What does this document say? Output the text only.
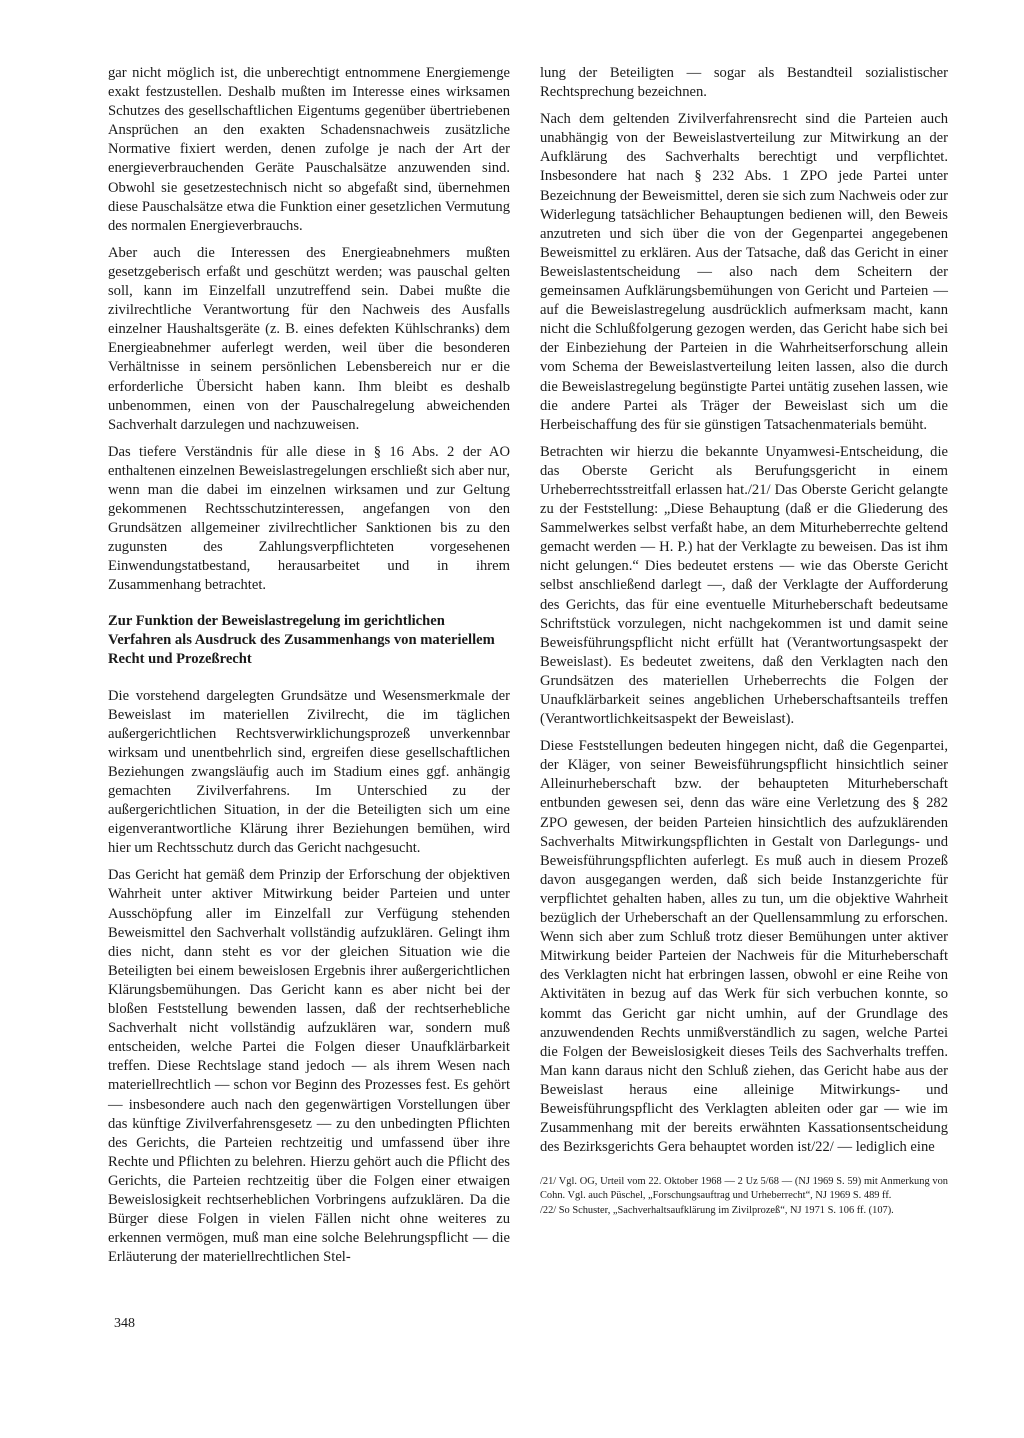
gar nicht möglich ist, die unberechtigt entnommene Energiemenge exakt festzustellen. Deshalb mußten im Interesse eines wirksamen Schutzes des gesellschaftlichen Eigentums gegenüber übertriebenen Ansprüchen an den exakten Schadensnachweis zusätzliche Normative fixiert werden, denen zufolge je nach der Art der energieverbrauchenden Geräte Pauschalsätze anzuwenden sind. Obwohl sie gesetzestechnisch nicht so abgefaßt sind, übernehmen diese Pauschalsätze etwa die Funktion einer gesetzlichen Vermutung des normalen Energieverbrauchs.

Aber auch die Interessen des Energieabnehmers mußten gesetzgeberisch erfaßt und geschützt werden; was pauschal gelten soll, kann im Einzelfall unzutreffend sein. Dabei mußte die zivilrechtliche Verantwortung für den Nachweis des Ausfalls einzelner Haushaltsgeräte (z. B. eines defekten Kühlschranks) dem Energieabnehmer auferlegt werden, weil über die besonderen Verhältnisse in seinem persönlichen Lebensbereich nur er die erforderliche Übersicht haben kann. Ihm bleibt es deshalb unbenommen, einen von der Pauschalregelung abweichenden Sachverhalt darzulegen und nachzuweisen.

Das tiefere Verständnis für alle diese in § 16 Abs. 2 der AO enthaltenen einzelnen Beweislastregelungen erschließt sich aber nur, wenn man die dabei im einzelnen wirksamen und zur Geltung gekommenen Rechtsschutzinteressen, angefangen von den Grundsätzen allgemeiner zivilrechtlicher Sanktionen bis zu den zugunsten des Zahlungsverpflichteten vorgesehenen Einwendungstatbestand, herausarbeitet und in ihrem Zusammenhang betrachtet.

Zur Funktion der Beweislastregelung im gerichtlichen Verfahren als Ausdruck des Zusammenhangs von materiellem Recht und Prozeßrecht

Die vorstehend dargelegten Grundsätze und Wesensmerkmale der Beweislast im materiellen Zivilrecht, die im täglichen außergerichtlichen Rechtsverwirklichungsprozeß unverkennbar wirksam und unentbehrlich sind, ergreifen diese gesellschaftlichen Beziehungen zwangsläufig auch im Stadium eines ggf. anhängig gemachten Zivilverfahrens. Im Unterschied zu der außergerichtlichen Situation, in der die Beteiligten sich um eine eigenverantwortliche Klärung ihrer Beziehungen bemühen, wird hier um Rechtsschutz durch das Gericht nachgesucht.

Das Gericht hat gemäß dem Prinzip der Erforschung der objektiven Wahrheit unter aktiver Mitwirkung beider Parteien und unter Ausschöpfung aller im Einzelfall zur Verfügung stehenden Beweismittel den Sachverhalt vollständig aufzuklären. Gelingt ihm dies nicht, dann steht es vor der gleichen Situation wie die Beteiligten bei einem beweislosen Ergebnis ihrer außergerichtlichen Klärungsbemühungen. Das Gericht kann es aber nicht bei der bloßen Feststellung bewenden lassen, daß der rechtserhebliche Sachverhalt nicht vollständig aufzuklären war, sondern muß entscheiden, welche Partei die Folgen dieser Unaufklärbarkeit treffen. Diese Rechtslage stand jedoch — als ihrem Wesen nach materiellrechtlich — schon vor Beginn des Prozesses fest. Es gehört — insbesondere auch nach den gegenwärtigen Vorstellungen über das künftige Zivilverfahrensgesetz — zu den unbedingten Pflichten des Gerichts, die Parteien rechtzeitig und umfassend über ihre Rechte und Pflichten zu belehren. Hierzu gehört auch die Pflicht des Gerichts, die Parteien rechtzeitig über die Folgen einer etwaigen Beweislosigkeit rechtserheblichen Vorbringens aufzuklären. Da die Bürger diese Folgen in vielen Fällen nicht ohne weiteres zu erkennen vermögen, muß man eine solche Belehrungspflicht — die Erläuterung der materiellrechtlichen Stel-

lung der Beteiligten — sogar als Bestandteil sozialistischer Rechtsprechung bezeichnen.

Nach dem geltenden Zivilverfahrensrecht sind die Parteien auch unabhängig von der Beweislastverteilung zur Mitwirkung an der Aufklärung des Sachverhalts berechtigt und verpflichtet. Insbesondere hat nach § 232 Abs. 1 ZPO jede Partei unter Bezeichnung der Beweismittel, deren sie sich zum Nachweis oder zur Widerlegung tatsächlicher Behauptungen bedienen will, den Beweis anzutreten und sich über die von der Gegenpartei angegebenen Beweismittel zu erklären. Aus der Tatsache, daß das Gericht in einer Beweislastentscheidung — also nach dem Scheitern der gemeinsamen Aufklärungsbemühungen von Gericht und Parteien — auf die Beweislastregelung ausdrücklich aufmerksam macht, kann nicht die Schlußfolgerung gezogen werden, das Gericht habe sich bei der Einbeziehung der Parteien in die Wahrheitserforschung allein vom Schema der Beweislastverteilung leiten lassen, also die durch die Beweislastregelung begünstigte Partei untätig zusehen lassen, wie die andere Partei als Träger der Beweislast sich um die Herbeischaffung des für sie günstigen Tatsachenmaterials bemüht.

Betrachten wir hierzu die bekannte Unyamwesi-Entscheidung, die das Oberste Gericht als Berufungsgericht in einem Urheberrechtsstreitfall erlassen hat./21/ Das Oberste Gericht gelangte zu der Feststellung: „Diese Behauptung (daß er die Gliederung des Sammelwerkes selbst verfaßt habe, an dem Miturheberrechte geltend gemacht werden — H. P.) hat der Verklagte zu beweisen. Das ist ihm nicht gelungen.“ Dies bedeutet erstens — wie das Oberste Gericht selbst anschließend darlegt —, daß der Verklagte der Aufforderung des Gerichts, das für eine eventuelle Miturheberschaft bedeutsame Schriftstück vorzulegen, nicht nachgekommen ist und damit seine Beweisführungspflicht nicht erfüllt hat (Verantwortungsaspekt der Beweislast). Es bedeutet zweitens, daß den Verklagten nach den Grundsätzen des materiellen Urheberrechts die Folgen der Unaufklärbarkeit seines angeblichen Urheberschaftsanteils treffen (Verantwortlichkeitsaspekt der Beweislast).

Diese Feststellungen bedeuten hingegen nicht, daß die Gegenpartei, der Kläger, von seiner Beweisführungspflicht hinsichtlich seiner Alleinurheberschaft bzw. der behaupteten Miturheberschaft entbunden gewesen sei, denn das wäre eine Verletzung des § 282 ZPO gewesen, der beiden Parteien hinsichtlich des aufzuklärenden Sachverhalts Mitwirkungspflichten in Gestalt von Darlegungs- und Beweisführungspflichten auferlegt. Es muß auch in diesem Prozeß davon ausgegangen werden, daß sich beide Instanzgerichte für verpflichtet gehalten haben, alles zu tun, um die objektive Wahrheit bezüglich der Urheberschaft an der Quellensammlung zu erforschen. Wenn sich aber zum Schluß trotz dieser Bemühungen unter aktiver Mitwirkung beider Parteien der Nachweis für die Miturheberschaft des Verklagten nicht hat erbringen lassen, obwohl er eine Reihe von Aktivitäten in bezug auf das Werk für sich verbuchen konnte, so kommt das Gericht gar nicht umhin, auf der Grundlage des anzuwendenden Rechts unmißverständlich zu sagen, welche Partei die Folgen der Beweislosigkeit dieses Teils des Sachverhalts treffen. Man kann daraus nicht den Schluß ziehen, das Gericht habe aus der Beweislast heraus eine alleinige Mitwirkungs- und Beweisführungspflicht des Verklagten ableiten oder gar — wie im Zusammenhang mit der bereits erwähnten Kassationsentscheidung des Bezirksgerichts Gera behauptet worden ist/22/ — lediglich eine

/21/ Vgl. OG, Urteil vom 22. Oktober 1968 — 2 Uz 5/68 — (NJ 1969 S. 59) mit Anmerkung von Cohn. Vgl. auch Püschel, „Forschungsauftrag und Urheberrecht“, NJ 1969 S. 489 ff.

/22/ So Schuster, „Sachverhaltsaufklärung im Zivilprozeß“, NJ 1971 S. 106 ff. (107).

348
